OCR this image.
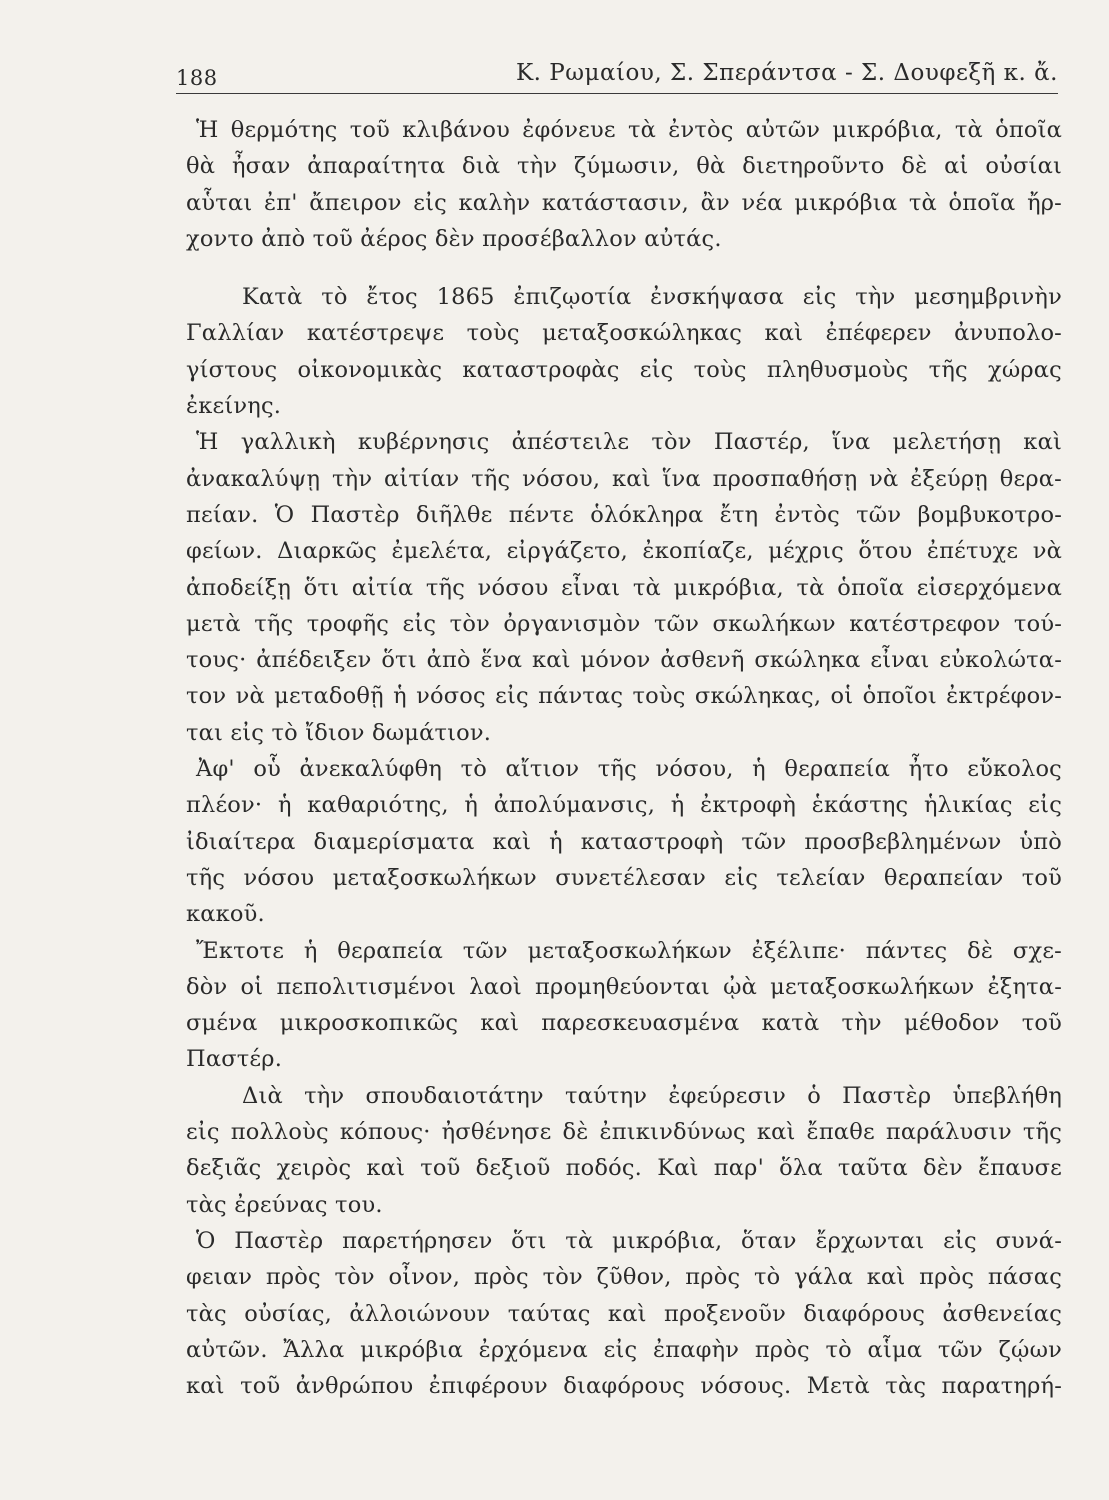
188	Κ. Ρωμαίου, Σ. Σπεράντσα - Σ. Δουφεξῆ κ. ἄ.
Ἡ θερμότης τοῦ κλιβάνου ἐφόνευε τὰ ἐντὸς αὐτῶν μικρόβια, τὰ ὁποῖα
θὰ ἦσαν ἀπαραίτητα διὰ τὴν ζύμωσιν, θὰ διετηροῦντο δὲ αἱ οὐσίαι
αὗται ἐπ' ἄπειρον εἰς καλὴν κατάστασιν, ἂν νέα μικρόβια τὰ ὁποῖα ἤρ-
χοντο ἀπὸ τοῦ ἀέρος δὲν προσέβαλλον αὐτάς.
Κατὰ τὸ ἔτος 1865 ἐπιζῳοτία ἐνσκήψασα εἰς τὴν μεσημβρινὴν
Γαλλίαν κατέστρεψε τοὺς μεταξοσκώληκας καὶ ἐπέφερεν ἀνυπολο-
γίστους οἰκονομικὰς καταστροφὰς εἰς τοὺς πληθυσμοὺς τῆς χώρας
ἐκείνης.
Ἡ γαλλικὴ κυβέρνησις ἀπέστειλε τὸν Παστέρ, ἵνα μελετήσῃ καὶ
ἀνακαλύψῃ τὴν αἰτίαν τῆς νόσου, καὶ ἵνα προσπαθήσῃ νὰ ἐξεύρῃ θερα-
πείαν. Ὁ Παστὲρ διῆλθε πέντε ὁλόκληρα ἔτη ἐντὸς τῶν βομβυκοτρο-
φείων. Διαρκῶς ἐμελέτα, εἰργάζετο, ἐκοπίαζε, μέχρις ὅτου ἐπέτυχε νὰ
ἀποδείξῃ ὅτι αἰτία τῆς νόσου εἶναι τὰ μικρόβια, τὰ ὁποῖα εἰσερχόμενα
μετὰ τῆς τροφῆς εἰς τὸν ὀργανισμὸν τῶν σκωλήκων κατέστρεφον τού-
τους· ἀπέδειξεν ὅτι ἀπὸ ἕνα καὶ μόνον ἀσθενῆ σκώληκα εἶναι εὐκολώτα-
τον νὰ μεταδοθῇ ἡ νόσος εἰς πάντας τοὺς σκώληκας, οἱ ὁποῖοι ἐκτρέφον-
ται εἰς τὸ ἴδιον δωμάτιον.
Ἀφ' οὗ ἀνεκαλύφθη τὸ αἴτιον τῆς νόσου, ἡ θεραπεία ἦτο εὔκολος
πλέον· ἡ καθαριότης, ἡ ἀπολύμανσις, ἡ ἐκτροφὴ ἑκάστης ἡλικίας εἰς
ἰδιαίτερα διαμερίσματα καὶ ἡ καταστροφὴ τῶν προσβεβλημένων ὑπὸ
τῆς νόσου μεταξοσκωλήκων συνετέλεσαν εἰς τελείαν θεραπείαν τοῦ
κακοῦ.
Ἔκτοτε ἡ θεραπεία τῶν μεταξοσκωλήκων ἐξέλιπε· πάντες δὲ σχε-
δὸν οἱ πεπολιτισμένοι λαοὶ προμηθεύονται ᾠὰ μεταξοσκωλήκων ἐξητα-
σμένα μικροσκοπικῶς καὶ παρεσκευασμένα κατὰ τὴν μέθοδον τοῦ
Παστέρ.
Διὰ τὴν σπουδαιοτάτην ταύτην ἐφεύρεσιν ὁ Παστὲρ ὑπεβλήθη
εἰς πολλοὺς κόπους· ἠσθένησε δὲ ἐπικινδύνως καὶ ἔπαθε παράλυσιν τῆς
δεξιᾶς χειρὸς καὶ τοῦ δεξιοῦ ποδός. Καὶ παρ' ὅλα ταῦτα δὲν ἔπαυσε
τὰς ἐρεύνας του.
Ὁ Παστὲρ παρετήρησεν ὅτι τὰ μικρόβια, ὅταν ἔρχωνται εἰς συνά-
φειαν πρὸς τὸν οἶνον, πρὸς τὸν ζῦθον, πρὸς τὸ γάλα καὶ πρὸς πάσας
τὰς οὐσίας, ἀλλοιώνουν ταύτας καὶ προξενοῦν διαφόρους ἀσθενείας
αὐτῶν. Ἄλλα μικρόβια ἐρχόμενα εἰς ἐπαφὴν πρὸς τὸ αἷμα τῶν ζῴων
καὶ τοῦ ἀνθρώπου ἐπιφέρουν διαφόρους νόσους. Μετὰ τὰς παρατηρή-
